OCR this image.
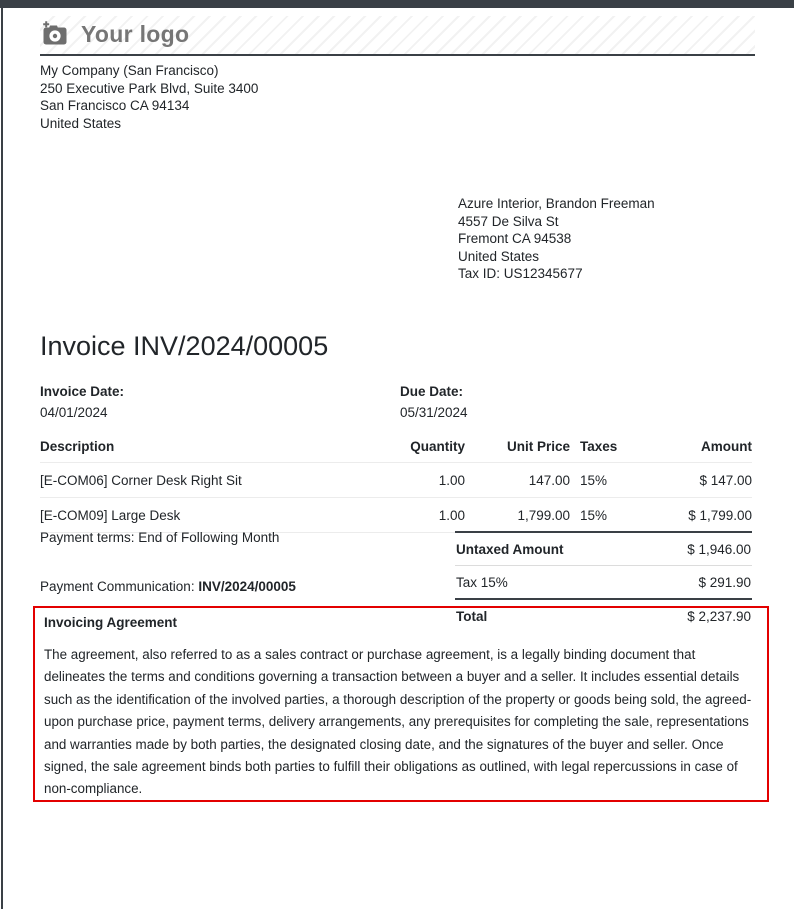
Your logo
My Company (San Francisco)
250 Executive Park Blvd, Suite 3400
San Francisco CA 94134
United States
Azure Interior, Brandon Freeman
4557 De Silva St
Fremont CA 94538
United States
Tax ID: US12345677
Invoice INV/2024/00005
Invoice Date:
04/01/2024
Due Date:
05/31/2024
Description	Quantity	Unit Price Taxes	Amount
[E-COM06] Corner Desk Right Sit	1.00	147.00 15%	$ 147.00
[E-COM09] Large Desk	1.00	1,799.00 15%	$ 1,799.00
Payment terms: End of Following Month
Payment Communication: INV/2024/00005
Untaxed Amount	$ 1,946.00
Tax 15%	$ 291.90
Total	$ 2,237.90
Invoicing Agreement
The agreement, also referred to as a sales contract or purchase agreement, is a legally binding document that delineates the terms and conditions governing a transaction between a buyer and a seller. It includes essential details such as the identification of the involved parties, a thorough description of the property or goods being sold, the agreed-upon purchase price, payment terms, delivery arrangements, any prerequisites for completing the sale, representations and warranties made by both parties, the designated closing date, and the signatures of the buyer and seller. Once signed, the sale agreement binds both parties to fulfill their obligations as outlined, with legal repercussions in case of non-compliance.
